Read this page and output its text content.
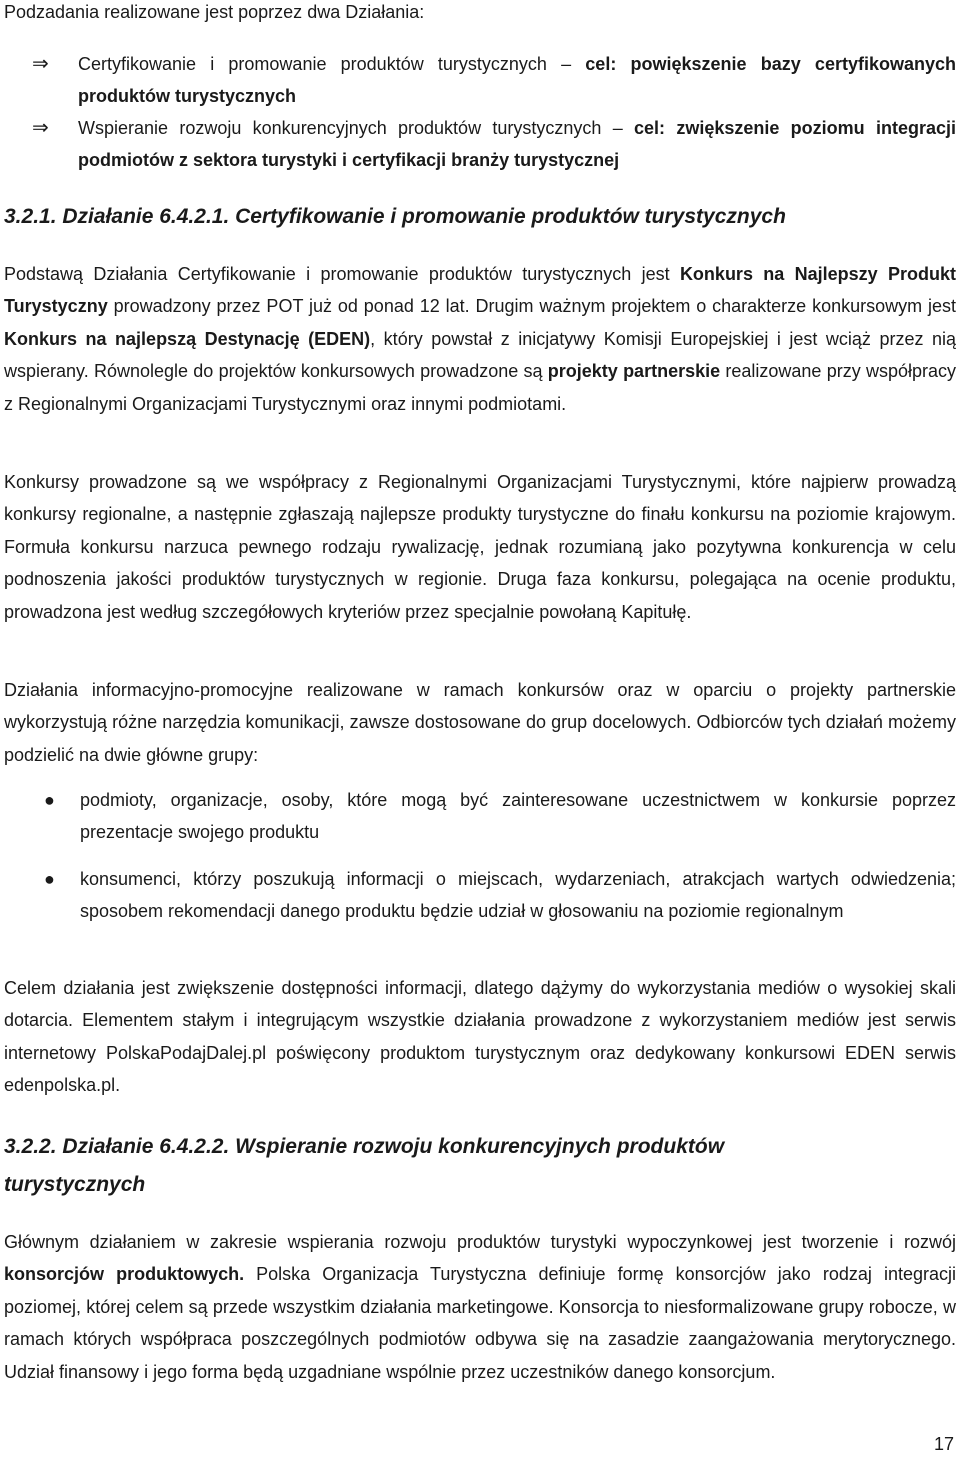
Podzadania realizowane jest poprzez dwa Działania:
⇒ Certyfikowanie i promowanie produktów turystycznych – cel: powiększenie bazy certyfikowanych produktów turystycznych
⇒ Wspieranie rozwoju konkurencyjnych produktów turystycznych – cel: zwiększenie poziomu integracji podmiotów z sektora turystyki i certyfikacji branży turystycznej
3.2.1. Działanie 6.4.2.1. Certyfikowanie i promowanie produktów turystycznych
Podstawą Działania Certyfikowanie i promowanie produktów turystycznych jest Konkurs na Najlepszy Produkt Turystyczny prowadzony przez POT już od ponad 12 lat. Drugim ważnym projektem o charakterze konkursowym jest Konkurs na najlepszą Destynację (EDEN), który powstał z inicjatywy Komisji Europejskiej i jest wciąż przez nią wspierany. Równolegle do projektów konkursowych prowadzone są projekty partnerskie realizowane przy współpracy z Regionalnymi Organizacjami Turystycznymi oraz innymi podmiotami.
Konkursy prowadzone są we współpracy z Regionalnymi Organizacjami Turystycznymi, które najpierw prowadzą konkursy regionalne, a następnie zgłaszają najlepsze produkty turystyczne do finału konkursu na poziomie krajowym. Formuła konkursu narzuca pewnego rodzaju rywalizację, jednak rozumianą jako pozytywna konkurencja w celu podnoszenia jakości produktów turystycznych w regionie. Druga faza konkursu, polegająca na ocenie produktu, prowadzona jest według szczegółowych kryteriów przez specjalnie powołaną Kapitułę.
Działania informacyjno-promocyjne realizowane w ramach konkursów oraz w oparciu o projekty partnerskie wykorzystują różne narzędzia komunikacji, zawsze dostosowane do grup docelowych. Odbiorców tych działań możemy podzielić na dwie główne grupy:
● podmioty, organizacje, osoby, które mogą być zainteresowane uczestnictwem w konkursie poprzez prezentacje swojego produktu
● konsumenci, którzy poszukują informacji o miejscach, wydarzeniach, atrakcjach wartych odwiedzenia; sposobem rekomendacji danego produktu będzie udział w głosowaniu na poziomie regionalnym
Celem działania jest zwiększenie dostępności informacji, dlatego dążymy do wykorzystania mediów o wysokiej skali dotarcia. Elementem stałym i integrującym wszystkie działania prowadzone z wykorzystaniem mediów jest serwis internetowy PolskaPodajDalej.pl poświęcony produktom turystycznym oraz dedykowany konkursowi EDEN serwis edenpolska.pl.
3.2.2. Działanie 6.4.2.2. Wspieranie rozwoju konkurencyjnych produktów
turystycznych
Głównym działaniem w zakresie wspierania rozwoju produktów turystyki wypoczynkowej jest tworzenie i rozwój konsorcjów produktowych. Polska Organizacja Turystyczna definiuje formę konsorcjów jako rodzaj integracji poziomej, której celem są przede wszystkim działania marketingowe. Konsorcja to niesformalizowane grupy robocze, w ramach których współpraca poszczególnych podmiotów odbywa się na zasadzie zaangażowania merytorycznego. Udział finansowy i jego forma będą uzgadniane wspólnie przez uczestników danego konsorcjum.
17
